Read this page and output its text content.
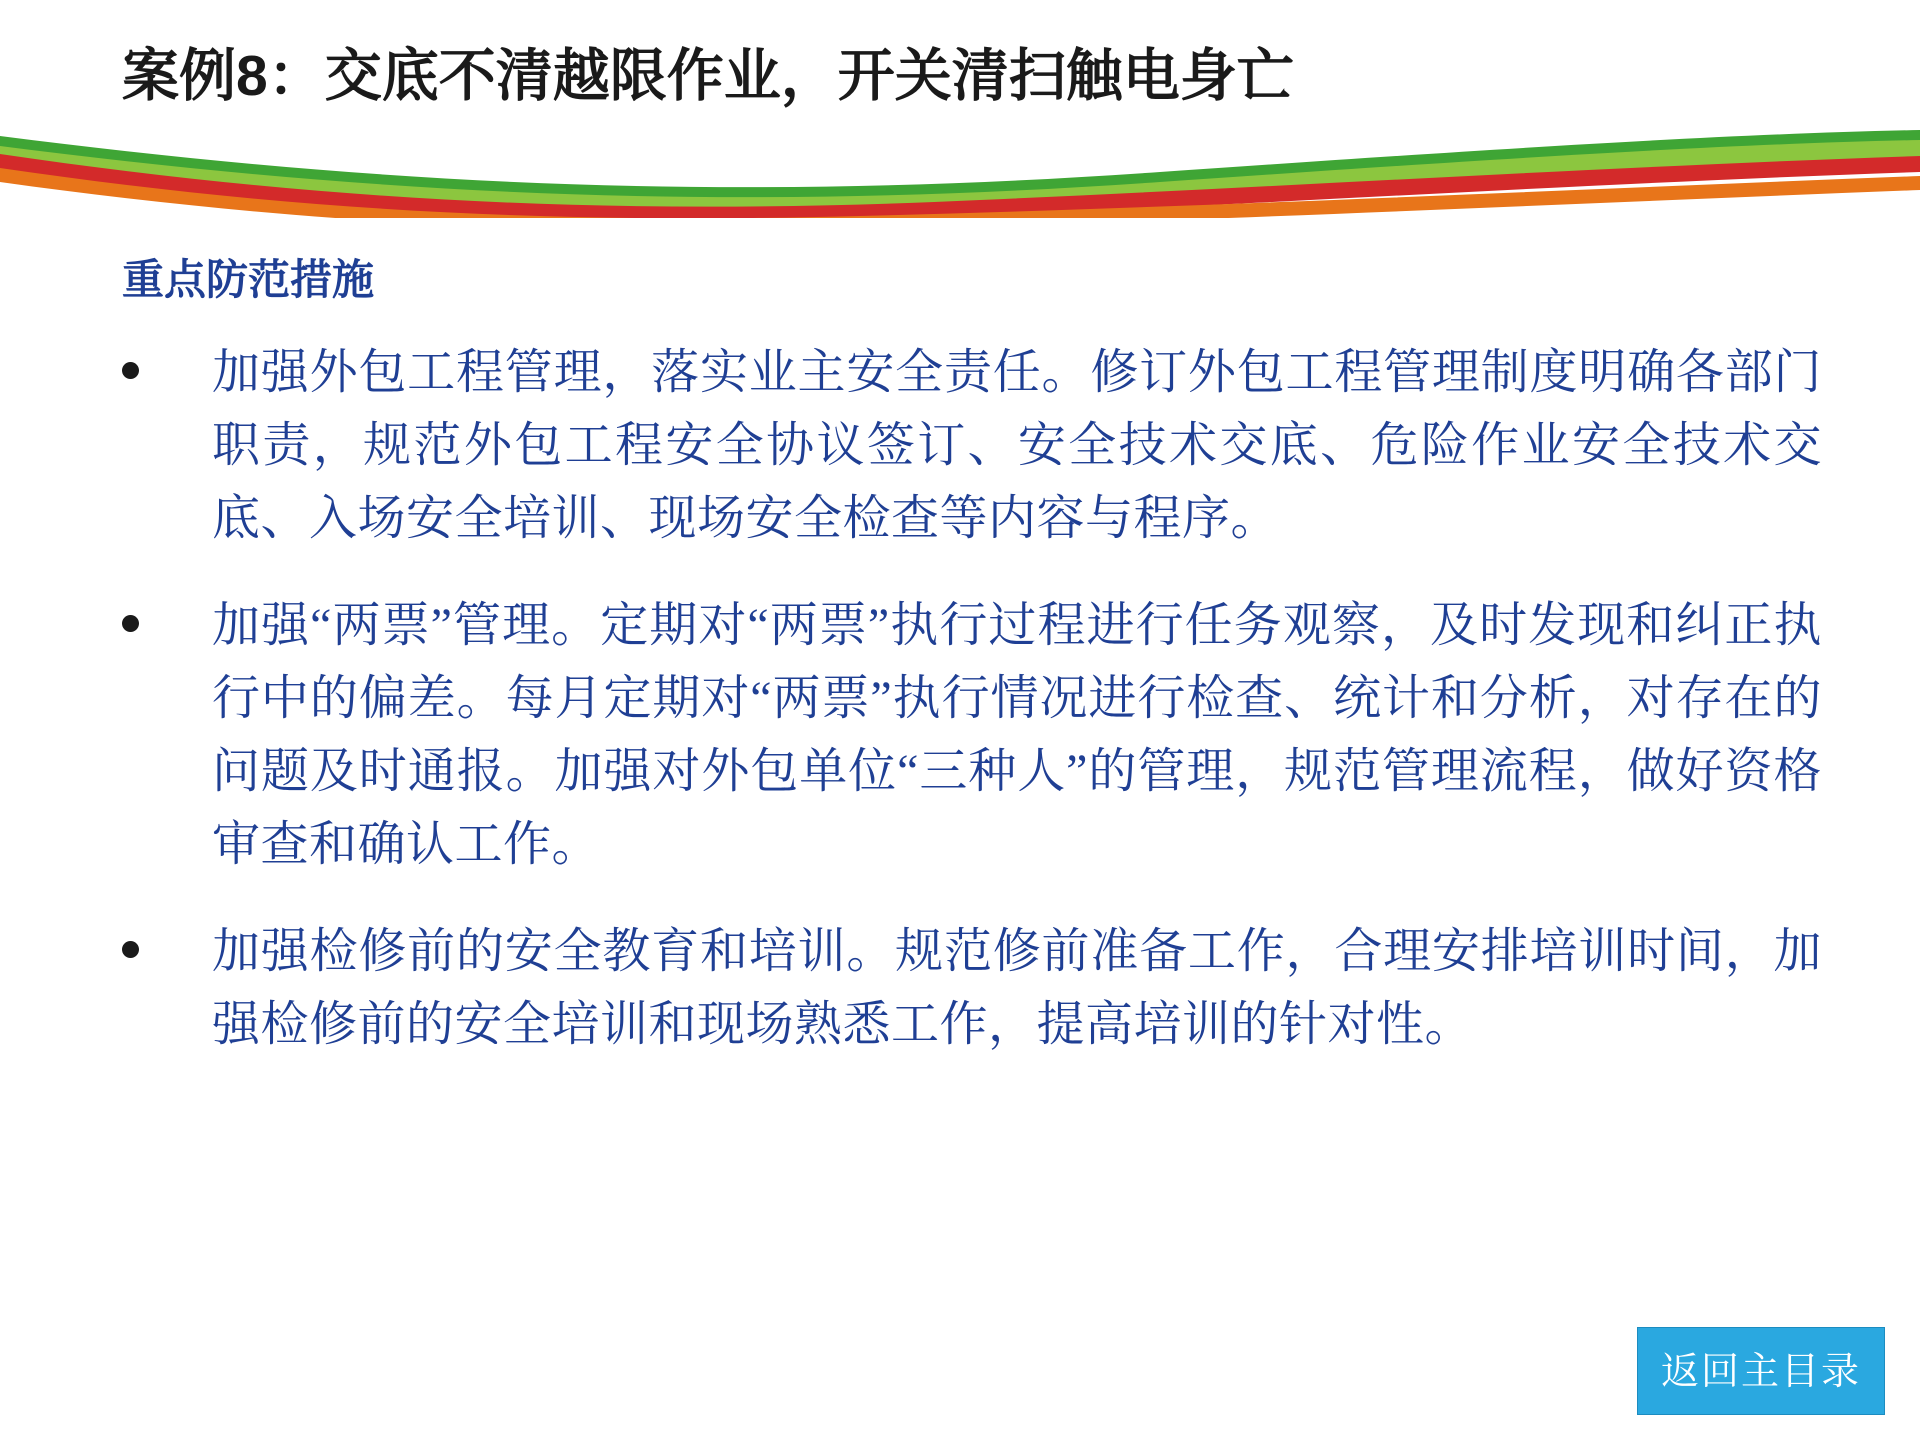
案例8：交底不清越限作业，开关清扫触电身亡
重点防范措施
加强外包工程管理，落实业主安全责任。修订外包工程管理制度明确各部门职责，规范外包工程安全协议签订、安全技术交底、危险作业安全技术交底、入场安全培训、现场安全检查等内容与程序。
加强“两票”管理。定期对“两票”执行过程进行任务观察，及时发现和纠正执行中的偏差。每月定期对“两票”执行情况进行检查、统计和分析，对存在的问题及时通报。加强对外包单位“三种人”的管理，规范管理流程，做好资格审查和确认工作。
加强检修前的安全教育和培训。规范修前准备工作，合理安排培训时间，加强检修前的安全培训和现场熟悉工作，提高培训的针对性。
返回主目录
